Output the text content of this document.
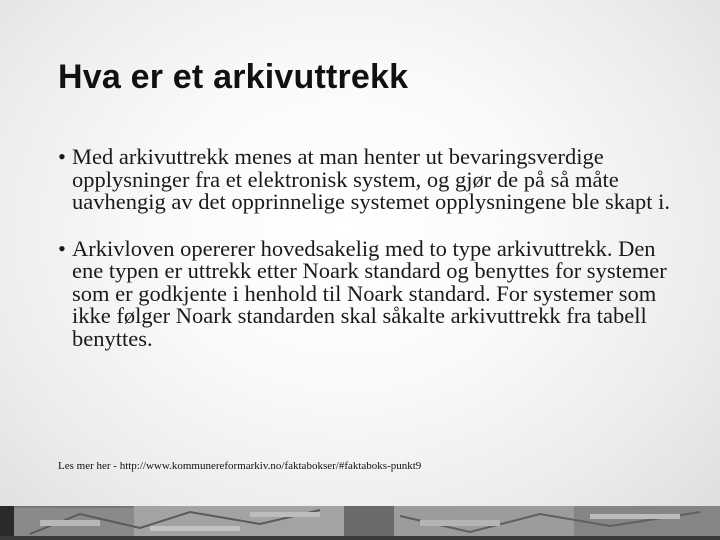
Hva er et arkivuttrekk
• Med arkivuttrekk menes at man henter ut bevaringsverdige opplysninger fra et elektronisk system, og gjør de på så måte uavhengig av det opprinnelige systemet opplysningene ble skapt i.
• Arkivloven opererer hovedsakelig med to type arkivuttrekk. Den ene typen er uttrekk etter Noark standard og benyttes for systemer som er godkjente i henhold til Noark standard. For systemer som ikke følger Noark standarden skal såkalte arkivuttrekk fra tabell benyttes.

Les mer her - http://www.kommunereformarkiv.no/faktabokser/#faktaboks-punkt9
